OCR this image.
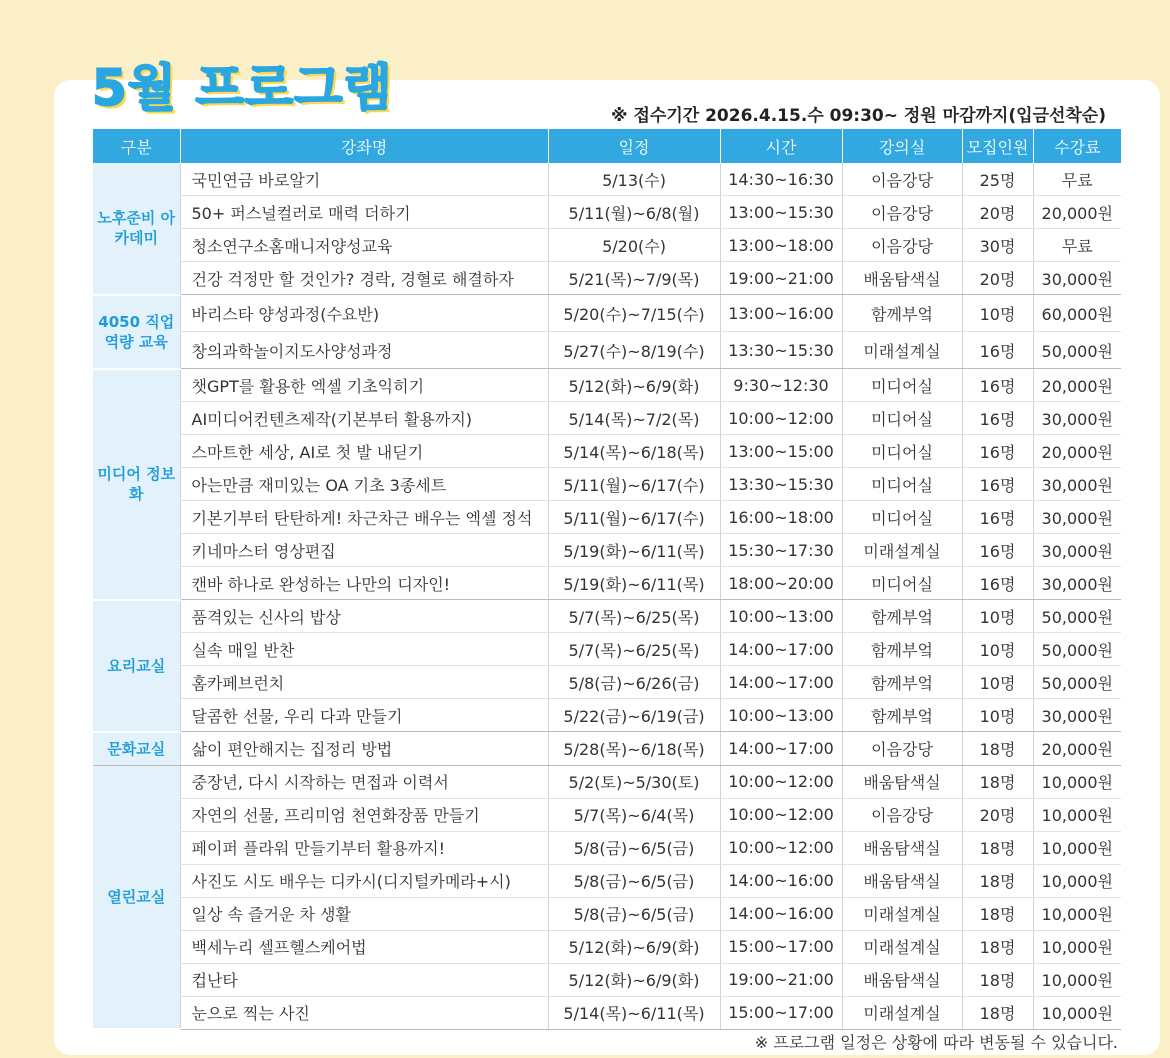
5월 프로그램	※ 접수기간 2026.4.15.수 09:30~ 정원 마감까지(입금선착순)
구분	강좌명	일정	시간	강의실	모집인원	수강료
노후준비 아카데미	국민연금 바로알기	5/13(수)	14:30~16:30	이음강당	25명	무료
	50+ 퍼스널컬러로 매력 더하기	5/11(월)~6/8(월)	13:00~15:30	이음강당	20명	20,000원
	청소연구소홈매니저양성교육	5/20(수)	13:00~18:00	이음강당	30명	무료
	건강 걱정만 할 것인가? 경락, 경혈로 해결하자	5/21(목)~7/9(목)	19:00~21:00	배움탐색실	20명	30,000원
4050 직업역량 교육	바리스타 양성과정(수요반)	5/20(수)~7/15(수)	13:00~16:00	함께부엌	10명	60,000원
	창의과학놀이지도사양성과정	5/27(수)~8/19(수)	13:30~15:30	미래설계실	16명	50,000원
미디어 정보화	챗GPT를 활용한 엑셀 기초익히기	5/12(화)~6/9(화)	9:30~12:30	미디어실	16명	20,000원
	AI미디어컨텐츠제작(기본부터 활용까지)	5/14(목)~7/2(목)	10:00~12:00	미디어실	16명	30,000원
	스마트한 세상, AI로 첫 발 내딛기	5/14(목)~6/18(목)	13:00~15:00	미디어실	16명	20,000원
	아는만큼 재미있는 OA 기초 3종세트	5/11(월)~6/17(수)	13:30~15:30	미디어실	16명	30,000원
	기본기부터 탄탄하게! 차근차근 배우는 엑셀 정석	5/11(월)~6/17(수)	16:00~18:00	미디어실	16명	30,000원
	키네마스터 영상편집	5/19(화)~6/11(목)	15:30~17:30	미래설계실	16명	30,000원
	캔바 하나로 완성하는 나만의 디자인!	5/19(화)~6/11(목)	18:00~20:00	미디어실	16명	30,000원
요리교실	품격있는 신사의 밥상	5/7(목)~6/25(목)	10:00~13:00	함께부엌	10명	50,000원
	실속 매일 반찬	5/7(목)~6/25(목)	14:00~17:00	함께부엌	10명	50,000원
	홈카페브런치	5/8(금)~6/26(금)	14:00~17:00	함께부엌	10명	50,000원
	달콤한 선물, 우리 다과 만들기	5/22(금)~6/19(금)	10:00~13:00	함께부엌	10명	30,000원
문화교실	삶이 편안해지는 집정리 방법	5/28(목)~6/18(목)	14:00~17:00	이음강당	18명	20,000원
열린교실	중장년, 다시 시작하는 면접과 이력서	5/2(토)~5/30(토)	10:00~12:00	배움탐색실	18명	10,000원
	자연의 선물, 프리미엄 천연화장품 만들기	5/7(목)~6/4(목)	10:00~12:00	이음강당	20명	10,000원
	페이퍼 플라워 만들기부터 활용까지!	5/8(금)~6/5(금)	10:00~12:00	배움탐색실	18명	10,000원
	사진도 시도 배우는 디카시(디지털카메라+시)	5/8(금)~6/5(금)	14:00~16:00	배움탐색실	18명	10,000원
	일상 속 즐거운 차 생활	5/8(금)~6/5(금)	14:00~16:00	미래설계실	18명	10,000원
	백세누리 셀프헬스케어법	5/12(화)~6/9(화)	15:00~17:00	미래설계실	18명	10,000원
	컵난타	5/12(화)~6/9(화)	19:00~21:00	배움탐색실	18명	10,000원
	눈으로 찍는 사진	5/14(목)~6/11(목)	15:00~17:00	미래설계실	18명	10,000원
※ 프로그램 일정은 상황에 따라 변동될 수 있습니다.
